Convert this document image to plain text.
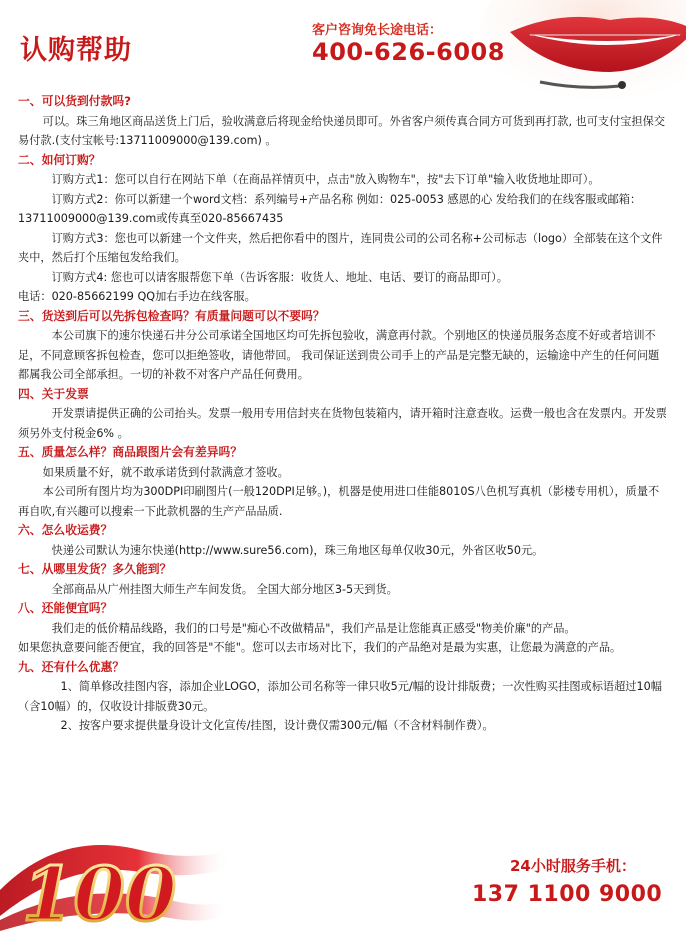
认购帮助
客户咨询免长途电话：
400-626-6008
一、可以货到付款吗?
可以。珠三角地区商品送货上门后，验收满意后将现金给快递员即可。外省客户须传真合同方可货到再打款, 也可支付宝担保交易付款.(支付宝帐号:13711009000@139.com) 。
二、如何订购？
订购方式1：您可以自行在网站下单（在商品祥情页中，点击"放入购物车"，按"去下订单"输入收货地址即可）。
订购方式2：你可以新建一个word文档：系列编号+产品名称 例如：025-0053 感恩的心 发给我们的在线客服或邮箱：13711009000@139.com或传真至020-85667435
订购方式3：您也可以新建一个文件夹，然后把你看中的图片，连同贵公司的公司名称+公司标志（logo）全部装在这个文件夹中，然后打个压缩包发给我们。
订购方式4: 您也可以请客服帮您下单（告诉客服：收货人、地址、电话、要订的商品即可）。
电话：020-85662199 QQ加右手边在线客服。
三、货送到后可以先拆包检查吗？有质量问题可以不要吗？
本公司旗下的速尔快递石井分公司承诺全国地区均可先拆包验收，满意再付款。个别地区的快递员服务态度不好或者培训不足，不同意顾客拆包检查，您可以拒绝签收，请他带回。 我司保证送到贵公司手上的产品是完整无缺的，运输途中产生的任何问题都属我公司全部承担。一切的补救不对客户产品任何费用。
四、关于发票
开发票请提供正确的公司抬头。发票一般用专用信封夹在货物包装箱内，请开箱时注意查收。运费一般也含在发票内。开发票须另外支付税金6% 。
五、质量怎么样？商品跟图片会有差异吗？
如果质量不好，就不敢承诺货到付款满意才签收。
本公司所有图片均为300DPI印刷图片(一般120DPI足够。)，机器是使用进口佳能8010S八色机写真机（影楼专用机），质量不再自吹,有兴趣可以搜索一下此款机器的生产产品品质.
六、怎么收运费？
快递公司默认为速尔快递(http://www.sure56.com)，珠三角地区每单仅收30元，外省区收50元。
七、从哪里发货？多久能到？
全部商品从广州挂图大师生产车间发货。 全国大部分地区3-5天到货。
八、还能便宜吗？
我们走的低价精品线路，我们的口号是"痴心不改做精品"，我们产品是让您能真正感受"物美价廉"的产品。
如果您执意要问能否便宜，我的回答是"不能"。您可以去市场对比下，我们的产品绝对是最为实惠，让您最为满意的产品。
九、还有什么优惠？
1、简单修改挂图内容，添加企业LOGO，添加公司名称等一律只收5元/幅的设计排版费；一次性购买挂图或标语超过10幅（含10幅）的，仅收设计排版费30元。
2、按客户要求提供量身设计文化宣传/挂图，设计费仅需300元/幅（不含材料制作费）。
100	24小时服务手机：
137 1100 9000
